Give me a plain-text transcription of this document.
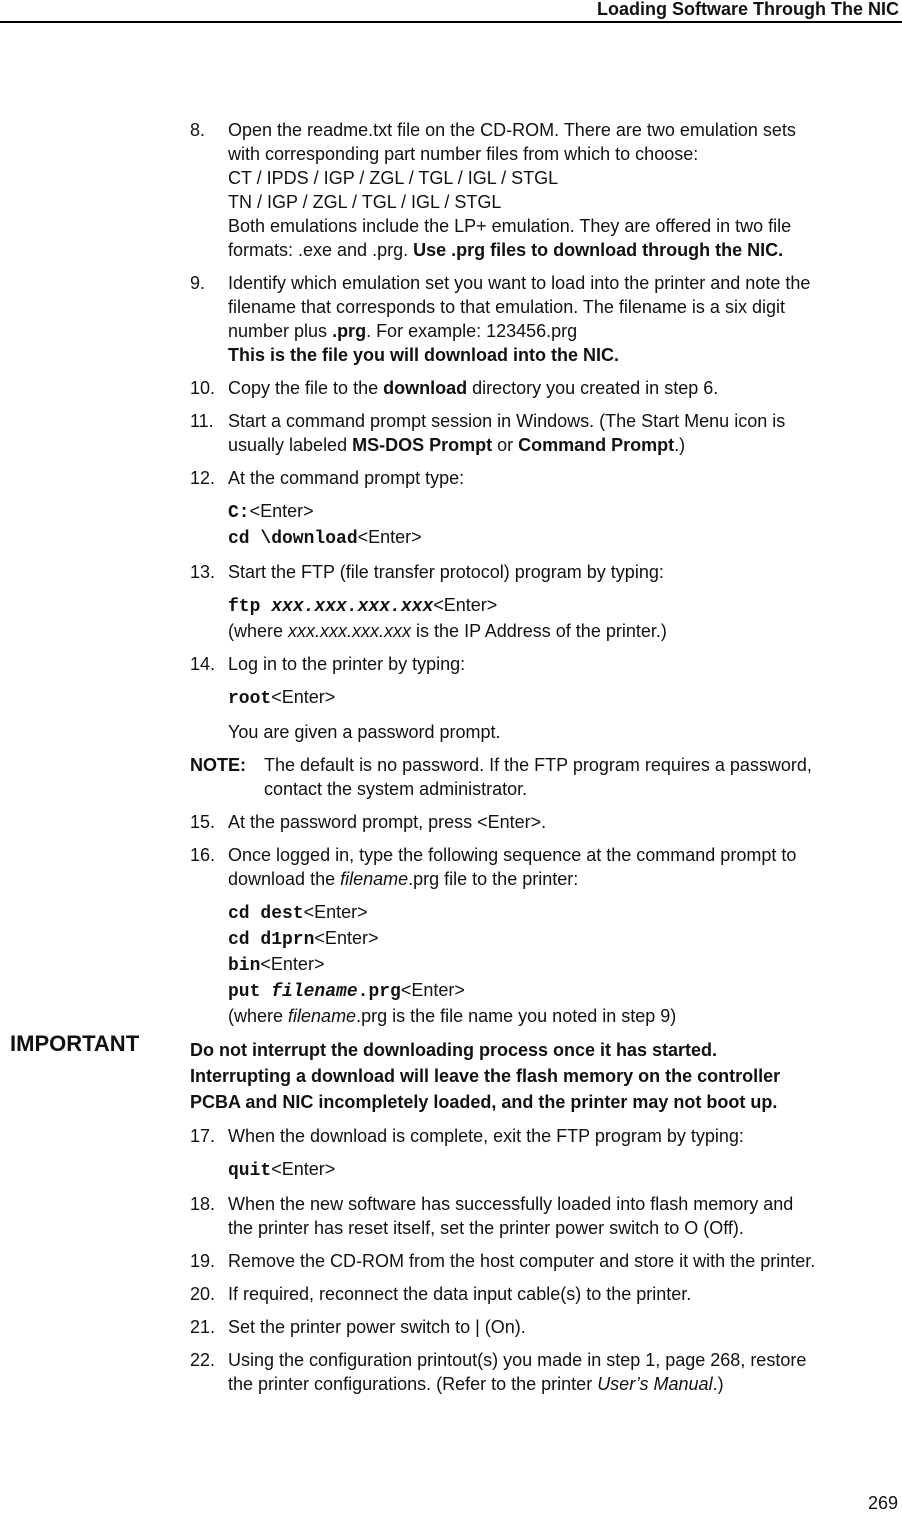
Loading Software Through The NIC
8. Open the readme.txt file on the CD-ROM. There are two emulation sets
with corresponding part number files from which to choose:
CT / IPDS / IGP / ZGL / TGL / IGL / STGL
TN / IGP / ZGL / TGL / IGL / STGL
Both emulations include the LP+ emulation. They are offered in two file
formats: .exe and .prg. Use .prg files to download through the NIC.
9. Identify which emulation set you want to load into the printer and note the
filename that corresponds to that emulation. The filename is a six digit
number plus .prg. For example: 123456.prg
This is the file you will download into the NIC.
10. Copy the file to the download directory you created in step 6.
11. Start a command prompt session in Windows. (The Start Menu icon is
usually labeled MS-DOS Prompt or Command Prompt.)
12. At the command prompt type:
C:<Enter>
cd \download<Enter>
13. Start the FTP (file transfer protocol) program by typing:
ftp xxx.xxx.xxx.xxx<Enter>
(where xxx.xxx.xxx.xxx is the IP Address of the printer.)
14. Log in to the printer by typing:
root<Enter>
You are given a password prompt.
NOTE: The default is no password. If the FTP program requires a password,
contact the system administrator.
15. At the password prompt, press <Enter>.
16. Once logged in, type the following sequence at the command prompt to
download the filename.prg file to the printer:
cd dest<Enter>
cd d1prn<Enter>
bin<Enter>
put filename.prg<Enter>
(where filename.prg is the file name you noted in step 9)
IMPORTANT	Do not interrupt the downloading process once it has started.
Interrupting a download will leave the flash memory on the controller
PCBA and NIC incompletely loaded, and the printer may not boot up.
17. When the download is complete, exit the FTP program by typing:
quit<Enter>
18. When the new software has successfully loaded into flash memory and
the printer has reset itself, set the printer power switch to O (Off).
19. Remove the CD-ROM from the host computer and store it with the printer.
20. If required, reconnect the data input cable(s) to the printer.
21. Set the printer power switch to | (On).
22. Using the configuration printout(s) you made in step 1, page 268, restore
the printer configurations. (Refer to the printer User’s Manual.)
269
